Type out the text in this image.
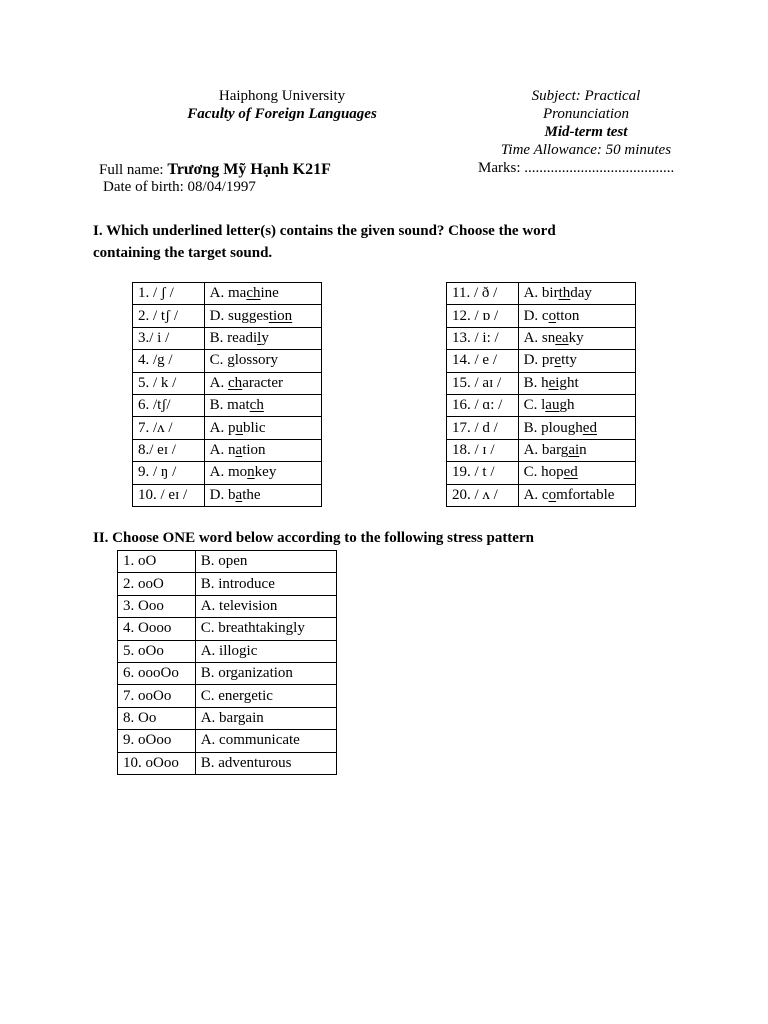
Haiphong University
Faculty of Foreign Languages
Subject: Practical
Pronunciation
Mid-term test
Time Allowance: 50 minutes
Full name: Trương Mỹ Hạnh K21F	Marks: ........................................
Date of birth: 08/04/1997
I. Which underlined letter(s) contains the given sound? Choose the word
containing the target sound.
1. / ʃ /	A. machine
2. / tʃ /	D. suggestion
3./ i /	B. readily
4. /g /	C. glossory
5. / k /	A. character
6. /tʃ/	B. match
7. /ʌ /	A. public
8./ eɪ /	A. nation
9. / ŋ /	A. monkey
10. / eɪ /	D. bathe
11. / ð /	A. birthday
12. / ɒ /	D. cotton
13. / i: /	A. sneaky
14. / e /	D. pretty
15. / aɪ /	B. height
16. / ɑ: /	C. laugh
17. / d /	B. ploughed
18. / ɪ /	A. bargain
19. / t /	C. hoped
20. / ʌ /	A. comfortable
II. Choose ONE word below according to the following stress pattern
1. oO	B. open
2. ooO	B. introduce
3. Ooo	A. television
4. Oooo	C. breathtakingly
5. oOo	A. illogic
6. oooOo	B. organization
7. ooOo	C. energetic
8. Oo	A. bargain
9. oOoo	A. communicate
10. oOoo	B. adventurous
